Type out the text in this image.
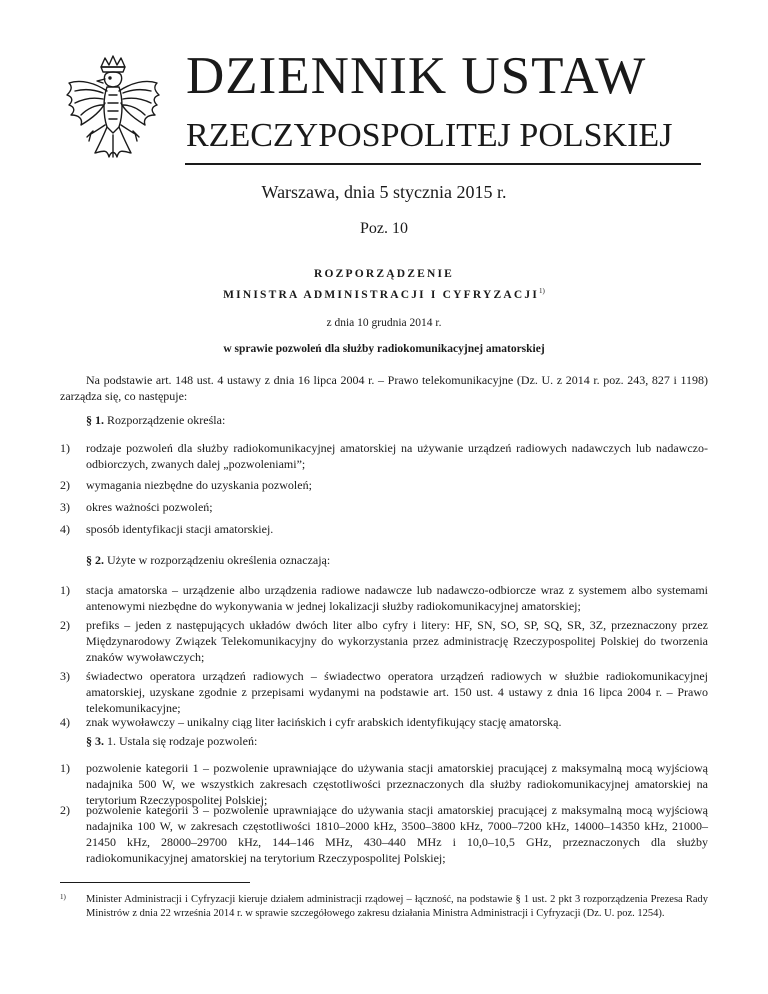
DZIENNIK USTAW
RZECZYPOSPOLITEJ POLSKIEJ
Warszawa, dnia 5 stycznia 2015 r.
Poz. 10
ROZPORZĄDZENIE
MINISTRA ADMINISTRACJI I CYFRYZACJI$^{1)}$
z dnia 10 grudnia 2014 r.
w sprawie pozwoleń dla służby radiokomunikacyjnej amatorskiej
Na podstawie art. 148 ust. 4 ustawy z dnia 16 lipca 2004 r. – Prawo telekomunikacyjne (Dz. U. z 2014 r. poz. 243, 827 i 1198) zarządza się, co następuje:
§ 1. Rozporządzenie określa:
1)	rodzaje pozwoleń dla służby radiokomunikacyjnej amatorskiej na używanie urządzeń radiowych nadawczych lub nadawczo-odbiorczych, zwanych dalej „pozwoleniami”;
2)	wymagania niezbędne do uzyskania pozwoleń;
3)	okres ważności pozwoleń;
4)	sposób identyfikacji stacji amatorskiej.
§ 2. Użyte w rozporządzeniu określenia oznaczają:
1)	stacja amatorska – urządzenie albo urządzenia radiowe nadawcze lub nadawczo-odbiorcze wraz z systemem albo systemami antenowymi niezbędne do wykonywania w jednej lokalizacji służby radiokomunikacyjnej amatorskiej;
2)	prefiks – jeden z następujących układów dwóch liter albo cyfry i litery: HF, SN, SO, SP, SQ, SR, 3Z, przeznaczony przez Międzynarodowy Związek Telekomunikacyjny do wykorzystania przez administrację Rzeczypospolitej Polskiej do tworzenia znaków wywoławczych;
3)	świadectwo operatora urządzeń radiowych – świadectwo operatora urządzeń radiowych w służbie radiokomunikacyjnej amatorskiej, uzyskane zgodnie z przepisami wydanymi na podstawie art. 150 ust. 4 ustawy z dnia 16 lipca 2004 r. – Prawo telekomunikacyjne;
4)	znak wywoławczy – unikalny ciąg liter łacińskich i cyfr arabskich identyfikujący stację amatorską.
§ 3. 1. Ustala się rodzaje pozwoleń:
1)	pozwolenie kategorii 1 – pozwolenie uprawniające do używania stacji amatorskiej pracującej z maksymalną mocą wyjściową nadajnika 500 W, we wszystkich zakresach częstotliwości przeznaczonych dla służby radiokomunikacyjnej amatorskiej na terytorium Rzeczypospolitej Polskiej;
2)	pozwolenie kategorii 3 – pozwolenie uprawniające do używania stacji amatorskiej pracującej z maksymalną mocą wyjściową nadajnika 100 W, w zakresach częstotliwości 1810–2000 kHz, 3500–3800 kHz, 7000–7200 kHz, 14000–14350 kHz, 21000–21450 kHz, 28000–29700 kHz, 144–146 MHz, 430–440 MHz i 10,0–10,5 GHz, przeznaczonych dla służby radiokomunikacyjnej amatorskiej na terytorium Rzeczypospolitej Polskiej;
1) Minister Administracji i Cyfryzacji kieruje działem administracji rządowej – łączność, na podstawie § 1 ust. 2 pkt 3 rozporządzenia Prezesa Rady Ministrów z dnia 22 września 2014 r. w sprawie szczegółowego zakresu działania Ministra Administracji i Cyfryzacji (Dz. U. poz. 1254).
